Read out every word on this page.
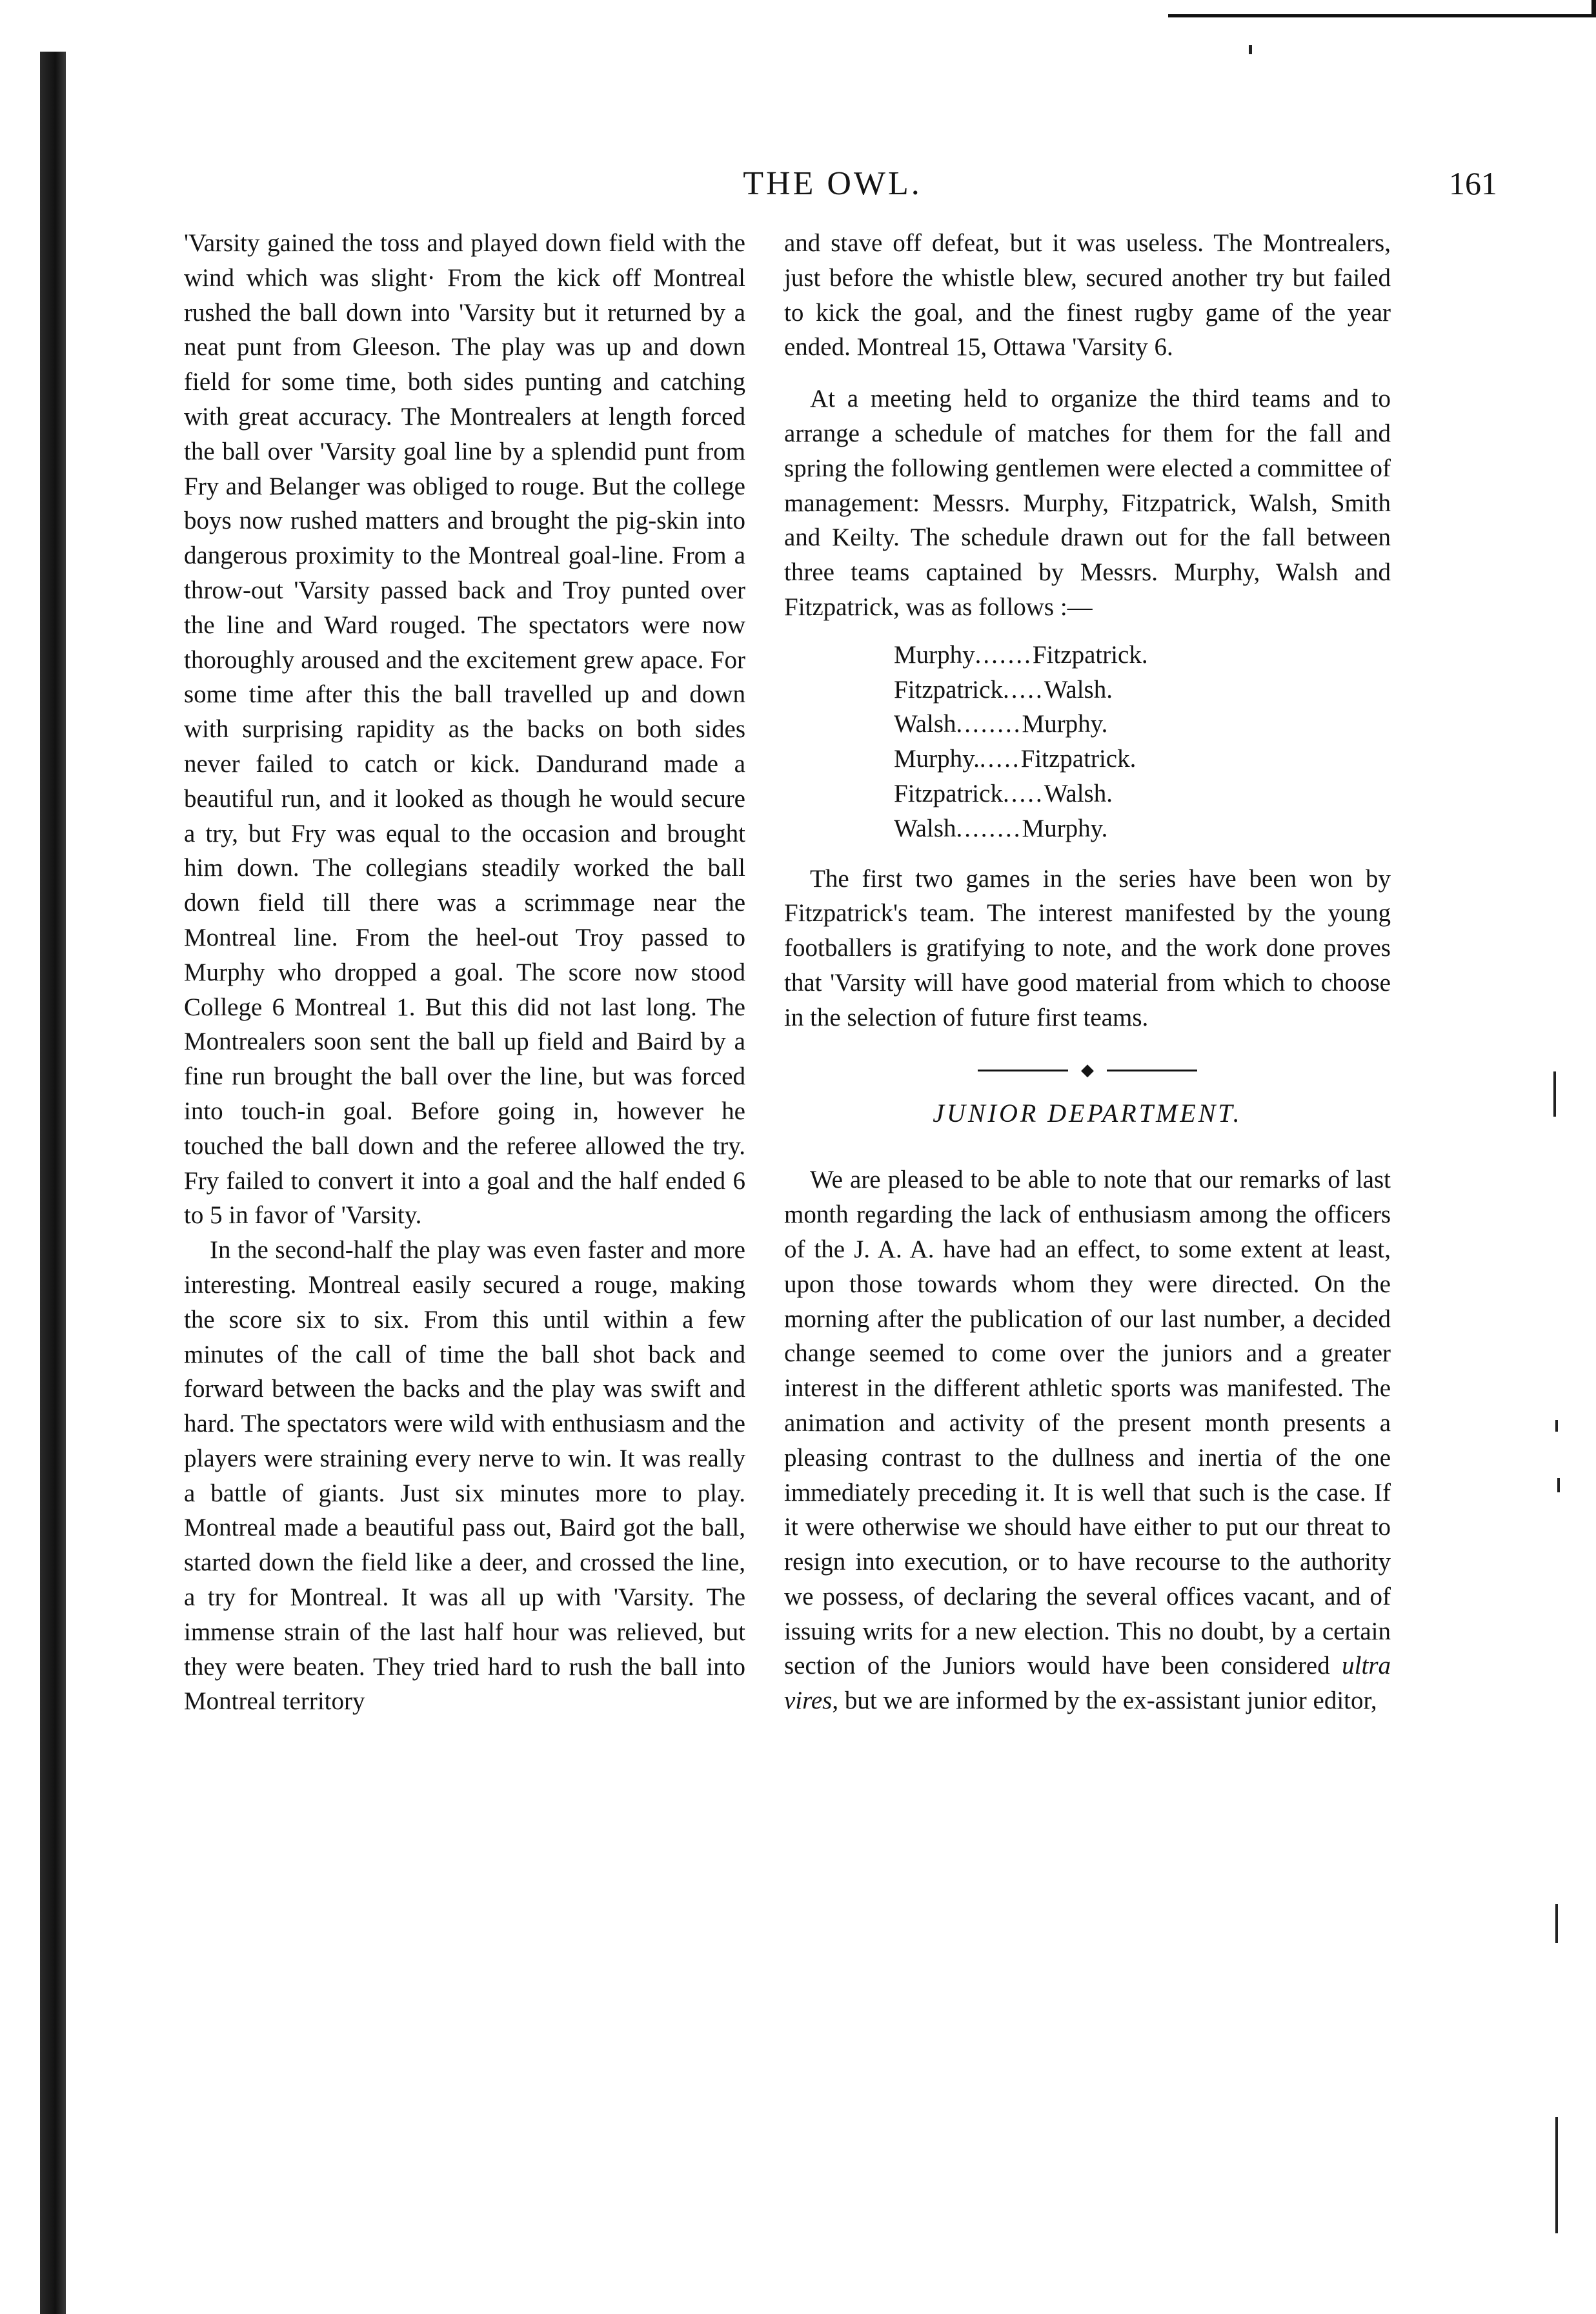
THE OWL.	161

'Varsity gained the toss and played down field with the wind which was slight· From the kick off Montreal rushed the ball down into 'Varsity but it returned by a neat punt from Gleeson. The play was up and down field for some time, both sides punting and catching with great accuracy. The Montrealers at length forced the ball over 'Varsity goal line by a splendid punt from Fry and Belanger was obliged to rouge. But the college boys now rushed matters and brought the pig-skin into dangerous proximity to the Montreal goal-line. From a throw-out 'Varsity passed back and Troy punted over the line and Ward rouged. The spectators were now thoroughly aroused and the excitement grew apace. For some time after this the ball travelled up and down with surprising rapidity as the backs on both sides never failed to catch or kick. Dandurand made a beautiful run, and it looked as though he would secure a try, but Fry was equal to the occasion and brought him down. The collegians steadily worked the ball down field till there was a scrimmage near the Montreal line. From the heel-out Troy passed to Murphy who dropped a goal. The score now stood College 6 Montreal 1. But this did not last long. The Montrealers soon sent the ball up field and Baird by a fine run brought the ball over the line, but was forced into touch-in goal. Before going in, however he touched the ball down and the referee allowed the try. Fry failed to convert it into a goal and the half ended 6 to 5 in favor of 'Varsity.

In the second-half the play was even faster and more interesting. Montreal easily secured a rouge, making the score six to six. From this until within a few minutes of the call of time the ball shot back and forward between the backs and the play was swift and hard. The spectators were wild with enthusiasm and the players were straining every nerve to win. It was really a battle of giants. Just six minutes more to play. Montreal made a beautiful pass out, Baird got the ball, started down the field like a deer, and crossed the line, a try for Montreal. It was all up with 'Varsity. The immense strain of the last half hour was relieved, but they were beaten. They tried hard to rush the ball into Montreal territory

and stave off defeat, but it was useless. The Montrealers, just before the whistle blew, secured another try but failed to kick the goal, and the finest rugby game of the year ended. Montreal 15, Ottawa 'Varsity 6.

At a meeting held to organize the third teams and to arrange a schedule of matches for them for the fall and spring the following gentlemen were elected a committee of management: Messrs. Murphy, Fitzpatrick, Walsh, Smith and Keilty. The schedule drawn out for the fall between three teams captained by Messrs. Murphy, Walsh and Fitzpatrick, was as follows :—

Murphy ....... Fitzpatrick.
Fitzpatrick ..... Walsh.
Walsh ........ Murphy.
Murphy. ..... Fitzpatrick.
Fitzpatrick ..... Walsh.
Walsh ........ Murphy.

The first two games in the series have been won by Fitzpatrick's team. The interest manifested by the young footballers is gratifying to note, and the work done proves that 'Varsity will have good material from which to choose in the selection of future first teams.

◆
JUNIOR DEPARTMENT.

We are pleased to be able to note that our remarks of last month regarding the lack of enthusiasm among the officers of the J. A. A. have had an effect, to some extent at least, upon those towards whom they were directed. On the morning after the publication of our last number, a decided change seemed to come over the juniors and a greater interest in the different athletic sports was manifested. The animation and activity of the present month presents a pleasing contrast to the dullness and inertia of the one immediately preceding it. It is well that such is the case. If it were otherwise we should have either to put our threat to resign into execution, or to have recourse to the authority we possess, of declaring the several offices vacant, and of issuing writs for a new election. This no doubt, by a certain section of the Juniors would have been considered ultra vires, but we are informed by the ex-assistant junior editor,
